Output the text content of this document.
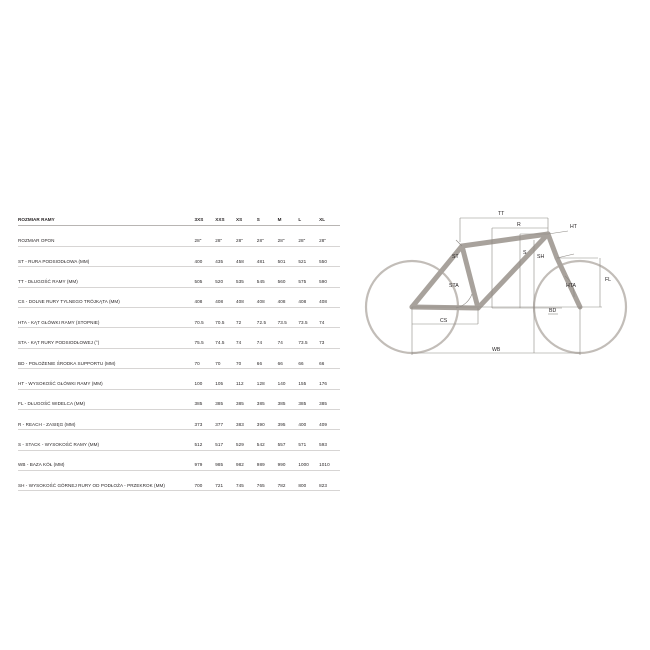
ROZMIAR RAMY	3XS	XXS	XS	S	M	L	XL
ROZMIAR OPON	28"	28"	28"	28"	28"	28"	28"
ST - RURA PODSIODŁOWA (MM)	400	435	458	481	501	521	550
TT - DŁUGOŚĆ RAMY (MM)	505	520	535	545	560	575	590
CS - DOLNE RURY TYLNEGO TRÓJKĄTA (MM)	408	408	408	408	408	408	408
HTA - KĄT GŁÓWKI RAMY (STOPNIE)	70.5	70.5	72	72.5	73.5	73.5	74
STA - KĄT RURY PODSIODŁOWEJ (°)	75.5	74.5	74	74	74	73.5	73
BD - POŁOŻENIE ŚRODKA SUPPORTU (MM)	70	70	70	66	66	66	66
HT - WYSOKOŚĆ GŁÓWKI RAMY (MM)	100	105	112	128	140	155	176
FL - DŁUGOŚĆ WIDELCA (MM)	385	385	385	385	385	385	385
R - REACH - ZASIĘG (MM)	373	377	383	390	395	400	409
S - STACK - WYSOKOŚĆ RAMY (MM)	512	517	529	542	557	571	593
WB - BAZA KÓŁ (MM)	979	985	982	989	990	1000	1010
SH - WYSOKOŚĆ GÓRNEJ RURY OD PODŁOŻA - PRZEKROK (MM)	700	721	745	765	782	800	823
TT
R	HT
FL
ST
S
SH
STA	HTA
BD
CS
WB
